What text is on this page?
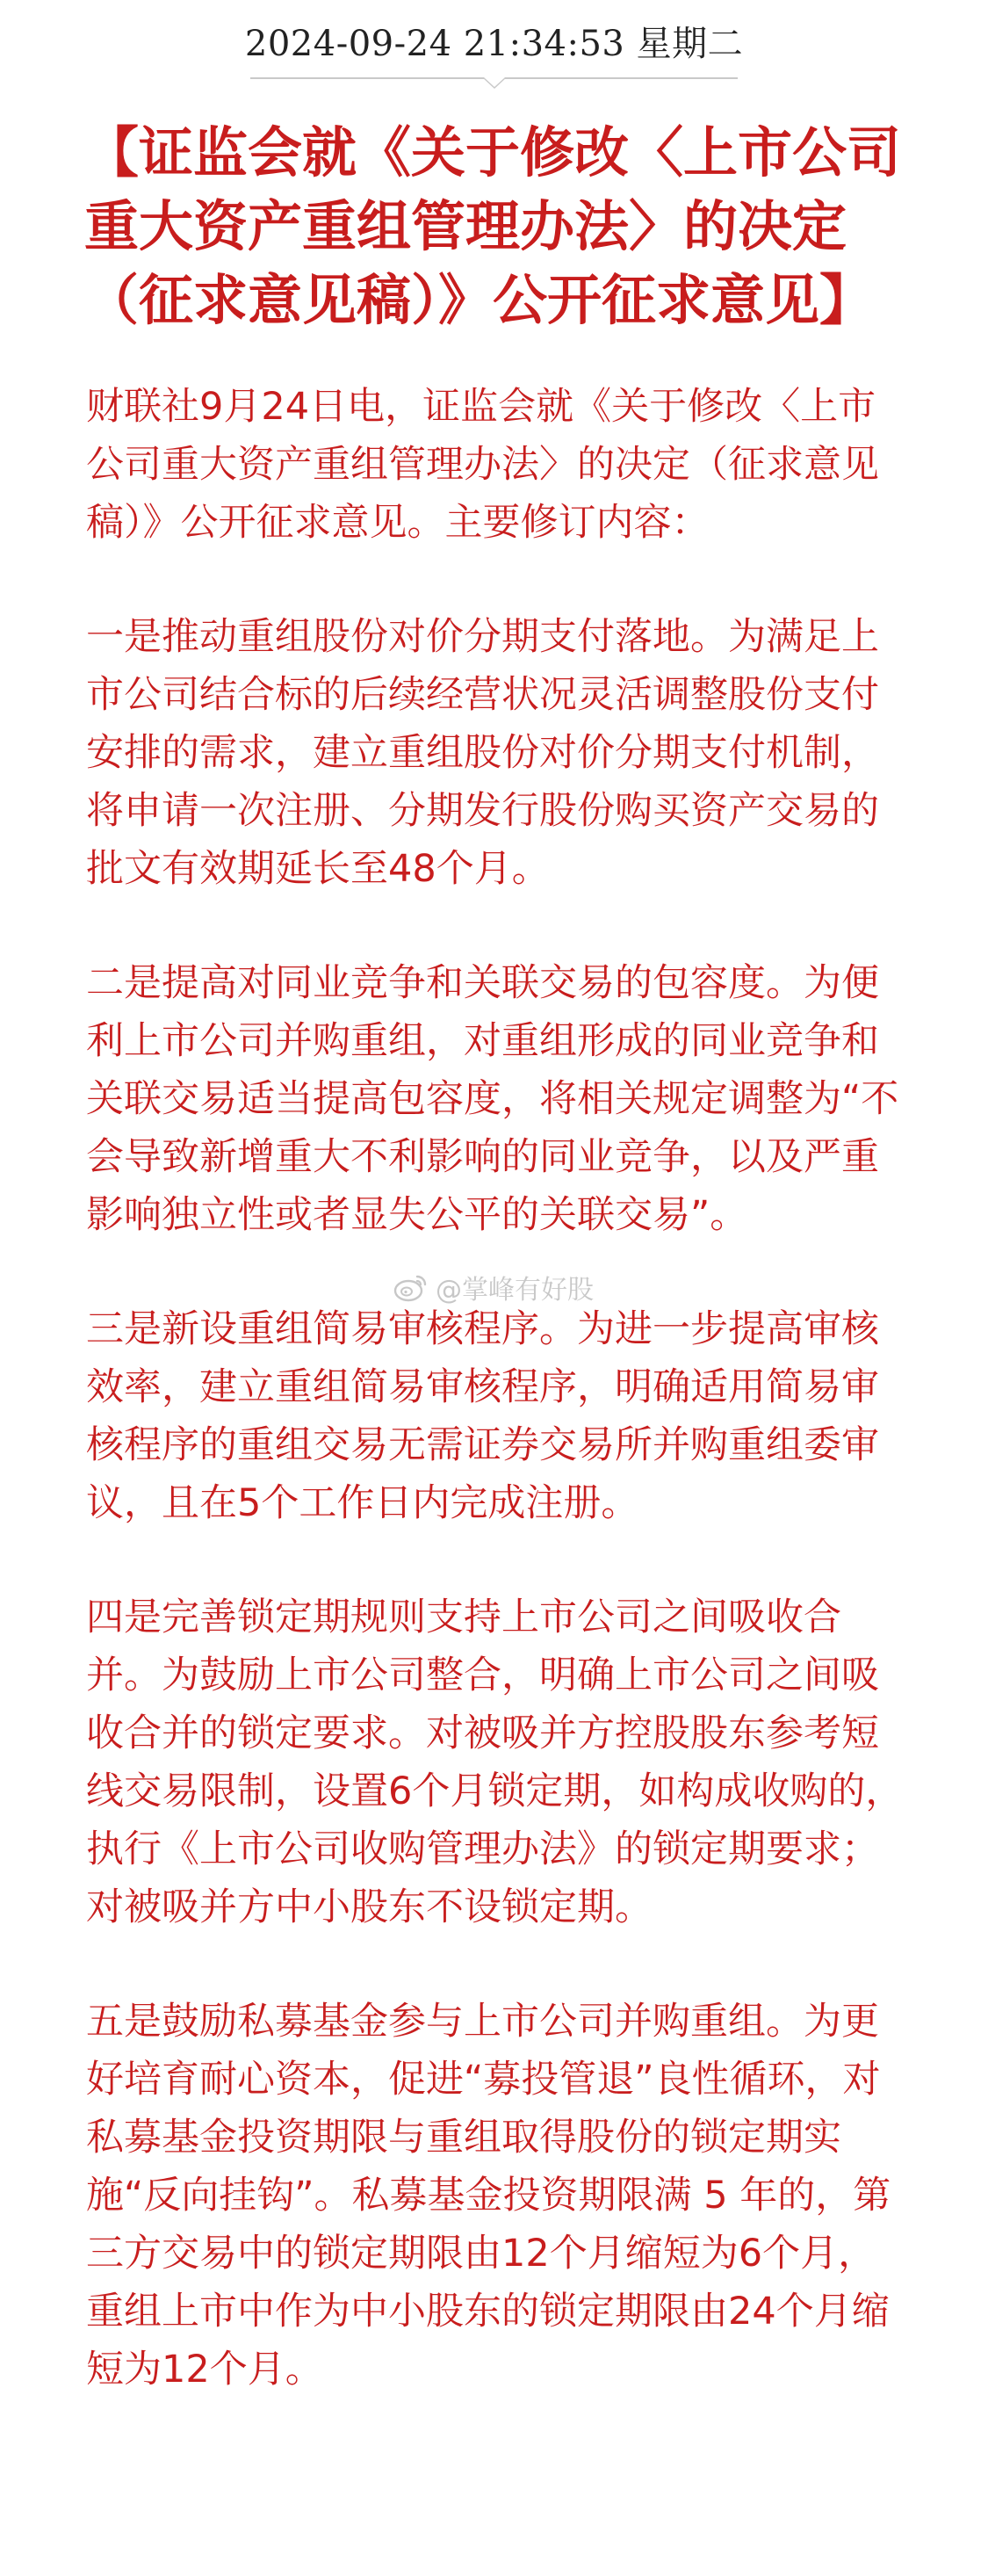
2024-09-24 21:34:53 星期二
【证监会就《关于修改〈上市公司重大资产重组管理办法〉的决定（征求意见稿）》公开征求意见】

财联社9月24日电，证监会就《关于修改〈上市公司重大资产重组管理办法〉的决定（征求意见稿）》公开征求意见。主要修订内容：

一是推动重组股份对价分期支付落地。为满足上市公司结合标的后续经营状况灵活调整股份支付安排的需求，建立重组股份对价分期支付机制，将申请一次注册、分期发行股份购买资产交易的批文有效期延长至48个月。

二是提高对同业竞争和关联交易的包容度。为便利上市公司并购重组，对重组形成的同业竞争和关联交易适当提高包容度，将相关规定调整为“不会导致新增重大不利影响的同业竞争，以及严重影响独立性或者显失公平的关联交易”。

三是新设重组简易审核程序。为进一步提高审核效率，建立重组简易审核程序，明确适用简易审核程序的重组交易无需证券交易所并购重组委审议，且在5个工作日内完成注册。

四是完善锁定期规则支持上市公司之间吸收合并。为鼓励上市公司整合，明确上市公司之间吸收合并的锁定要求。对被吸并方控股股东参考短线交易限制，设置6个月锁定期，如构成收购的，执行《上市公司收购管理办法》的锁定期要求；对被吸并方中小股东不设锁定期。

五是鼓励私募基金参与上市公司并购重组。为更好培育耐心资本，促进“募投管退”良性循环，对私募基金投资期限与重组取得股份的锁定期实施“反向挂钩”。私募基金投资期限满 5 年的，第三方交易中的锁定期限由12个月缩短为6个月，重组上市中作为中小股东的锁定期限由24个月缩短为12个月。

@掌峰有好股
